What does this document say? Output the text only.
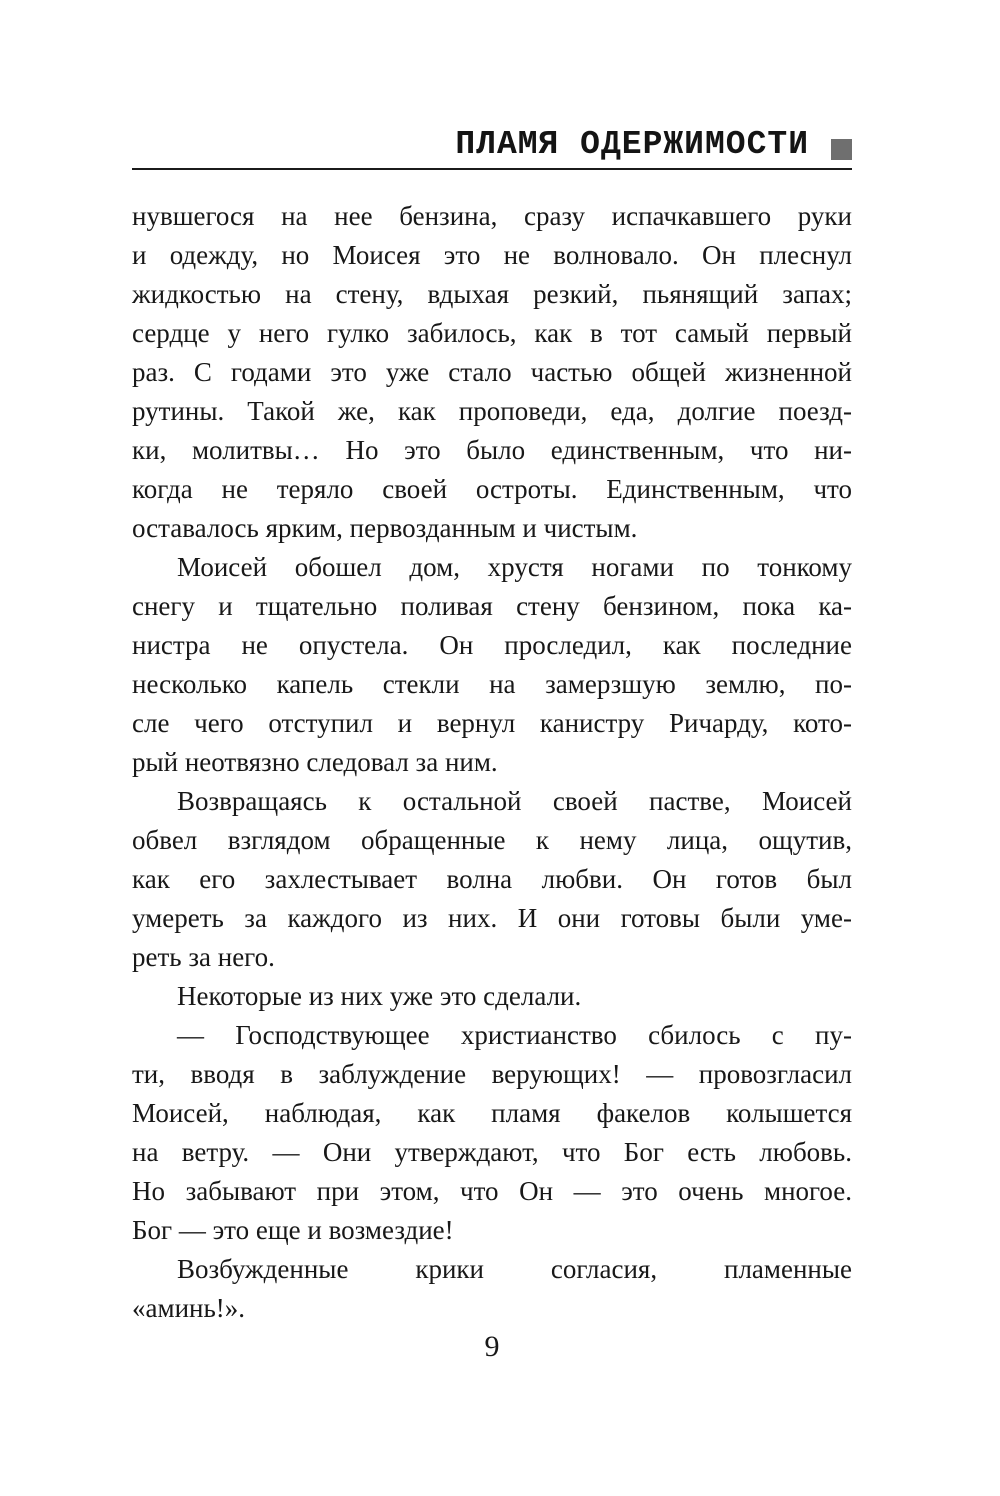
ПЛАМЯ ОДЕРЖИМОСТИ
нувшегося на нее бензина, сразу испачкавшего руки
и одежду, но Моисея это не волновало. Он плеснул
жидкостью на стену, вдыхая резкий, пьянящий запах;
сердце у него гулко забилось, как в тот самый первый
раз. С годами это уже стало частью общей жизненной
рутины. Такой же, как проповеди, еда, долгие поезд-
ки, молитвы… Но это было единственным, что ни-
когда не теряло своей остроты. Единственным, что
оставалось ярким, первозданным и чистым.
Моисей обошел дом, хрустя ногами по тонкому
снегу и тщательно поливая стену бензином, пока ка-
нистра не опустела. Он проследил, как последние
несколько капель стекли на замерзшую землю, по-
сле чего отступил и вернул канистру Ричарду, кото-
рый неотвязно следовал за ним.
Возвращаясь к остальной своей пастве, Моисей
обвел взглядом обращенные к нему лица, ощутив,
как его захлестывает волна любви. Он готов был
умереть за каждого из них. И они готовы были уме-
реть за него.
Некоторые из них уже это сделали.
— Господствующее христианство сбилось с пу-
ти, вводя в заблуждение верующих! — провозгласил
Моисей, наблюдая, как пламя факелов колышется
на ветру. — Они утверждают, что Бог есть любовь.
Но забывают при этом, что Он — это очень многое.
Бог — это еще и возмездие!
Возбужденные крики согласия, пламенные
«аминь!».
9
